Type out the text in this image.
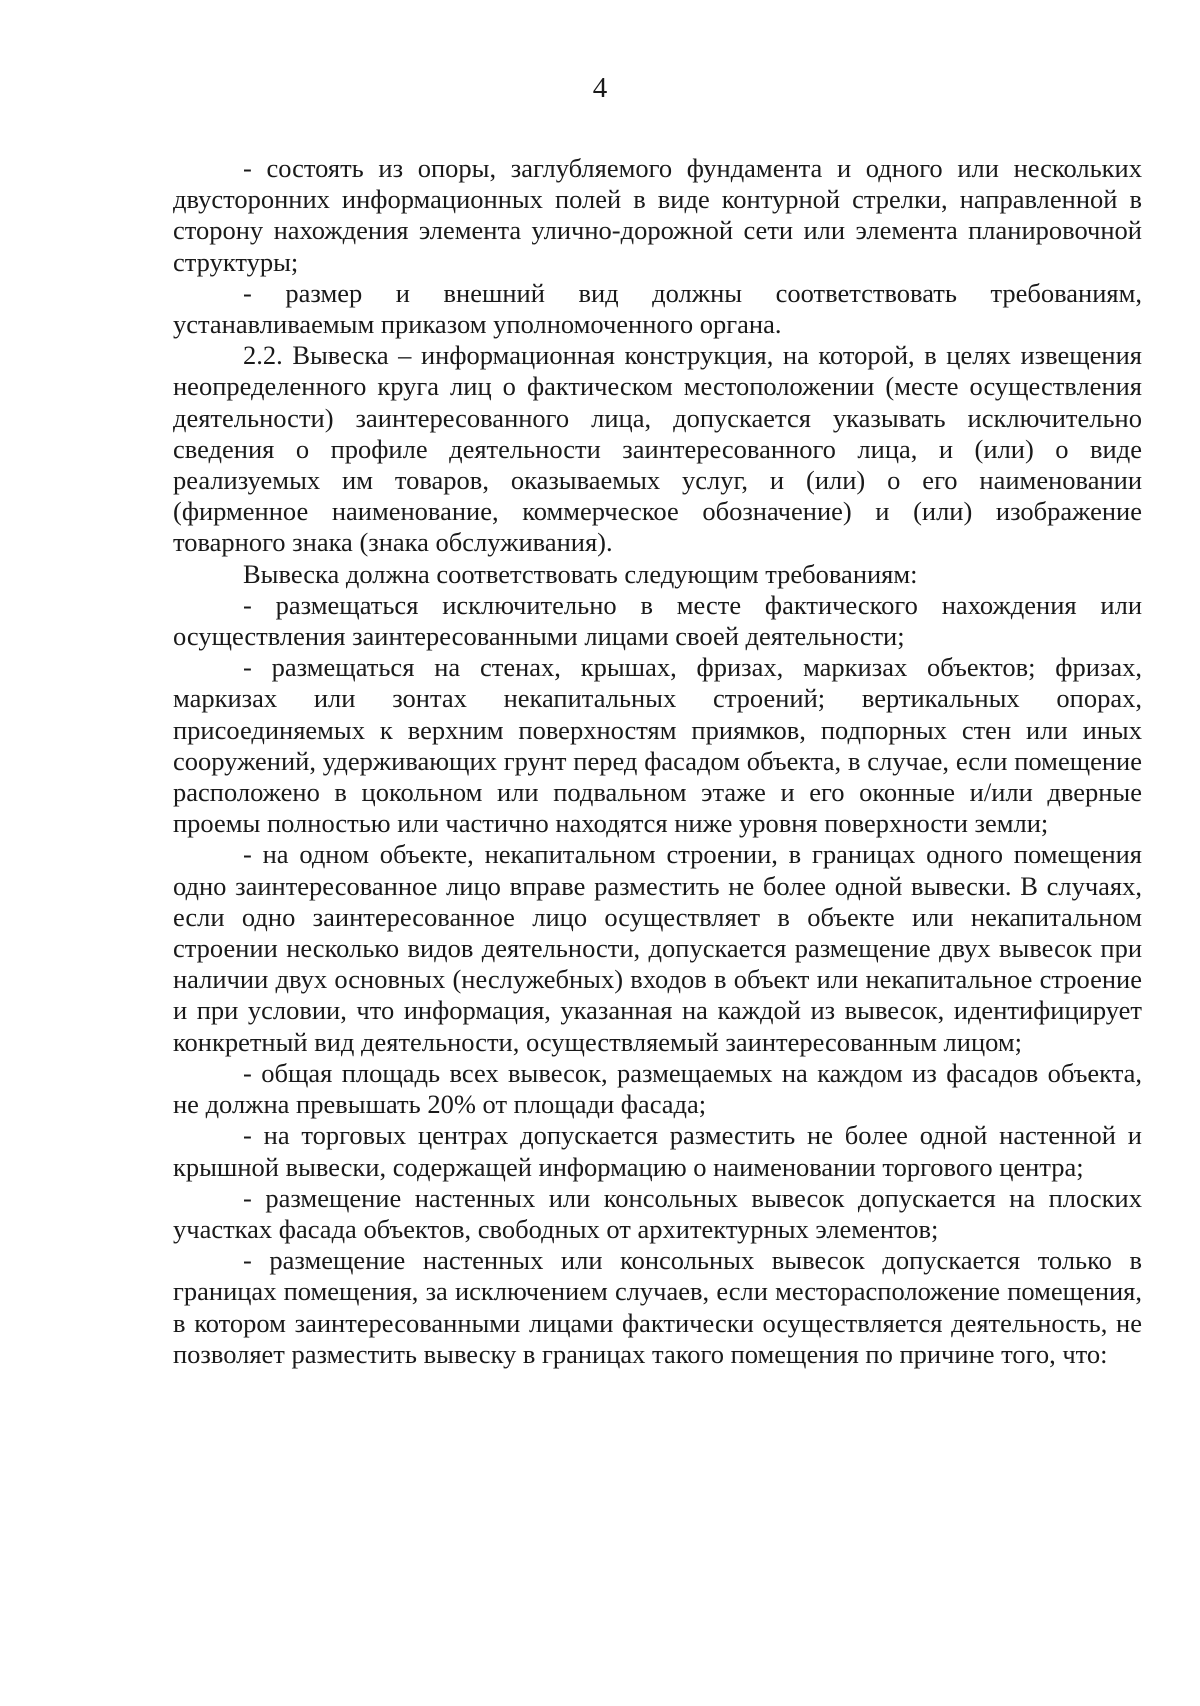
4

- состоять из опоры, заглубляемого фундамента и одного или нескольких двусторонних информационных полей в виде контурной стрелки, направленной в сторону нахождения элемента улично-дорожной сети или элемента планировочной структуры;

- размер и внешний вид должны соответствовать требованиям, устанавливаемым приказом уполномоченного органа.

2.2. Вывеска – информационная конструкция, на которой, в целях извещения неопределенного круга лиц о фактическом местоположении (месте осуществления деятельности) заинтересованного лица, допускается указывать исключительно сведения о профиле деятельности заинтересованного лица, и (или) о виде реализуемых им товаров, оказываемых услуг, и (или) о его наименовании (фирменное наименование, коммерческое обозначение) и (или) изображение товарного знака (знака обслуживания).

Вывеска должна соответствовать следующим требованиям:

- размещаться исключительно в месте фактического нахождения или осуществления заинтересованными лицами своей деятельности;

- размещаться на стенах, крышах, фризах, маркизах объектов; фризах, маркизах или зонтах некапитальных строений; вертикальных опорах, присоединяемых к верхним поверхностям приямков, подпорных стен или иных сооружений, удерживающих грунт перед фасадом объекта, в случае, если помещение расположено в цокольном или подвальном этаже и его оконные и/или дверные проемы полностью или частично находятся ниже уровня поверхности земли;

- на одном объекте, некапитальном строении, в границах одного помещения одно заинтересованное лицо вправе разместить не более одной вывески. В случаях, если одно заинтересованное лицо осуществляет в объекте или некапитальном строении несколько видов деятельности, допускается размещение двух вывесок при наличии двух основных (неслужебных) входов в объект или некапитальное строение и при условии, что информация, указанная на каждой из вывесок, идентифицирует конкретный вид деятельности, осуществляемый заинтересованным лицом;

- общая площадь всех вывесок, размещаемых на каждом из фасадов объекта, не должна превышать 20% от площади фасада;

- на торговых центрах допускается разместить не более одной настенной и крышной вывески, содержащей информацию о наименовании торгового центра;

- размещение настенных или консольных вывесок допускается на плоских участках фасада объектов, свободных от архитектурных элементов;

- размещение настенных или консольных вывесок допускается только в границах помещения, за исключением случаев, если месторасположение помещения, в котором заинтересованными лицами фактически осуществляется деятельность, не позволяет разместить вывеску в границах такого помещения по причине того, что:
